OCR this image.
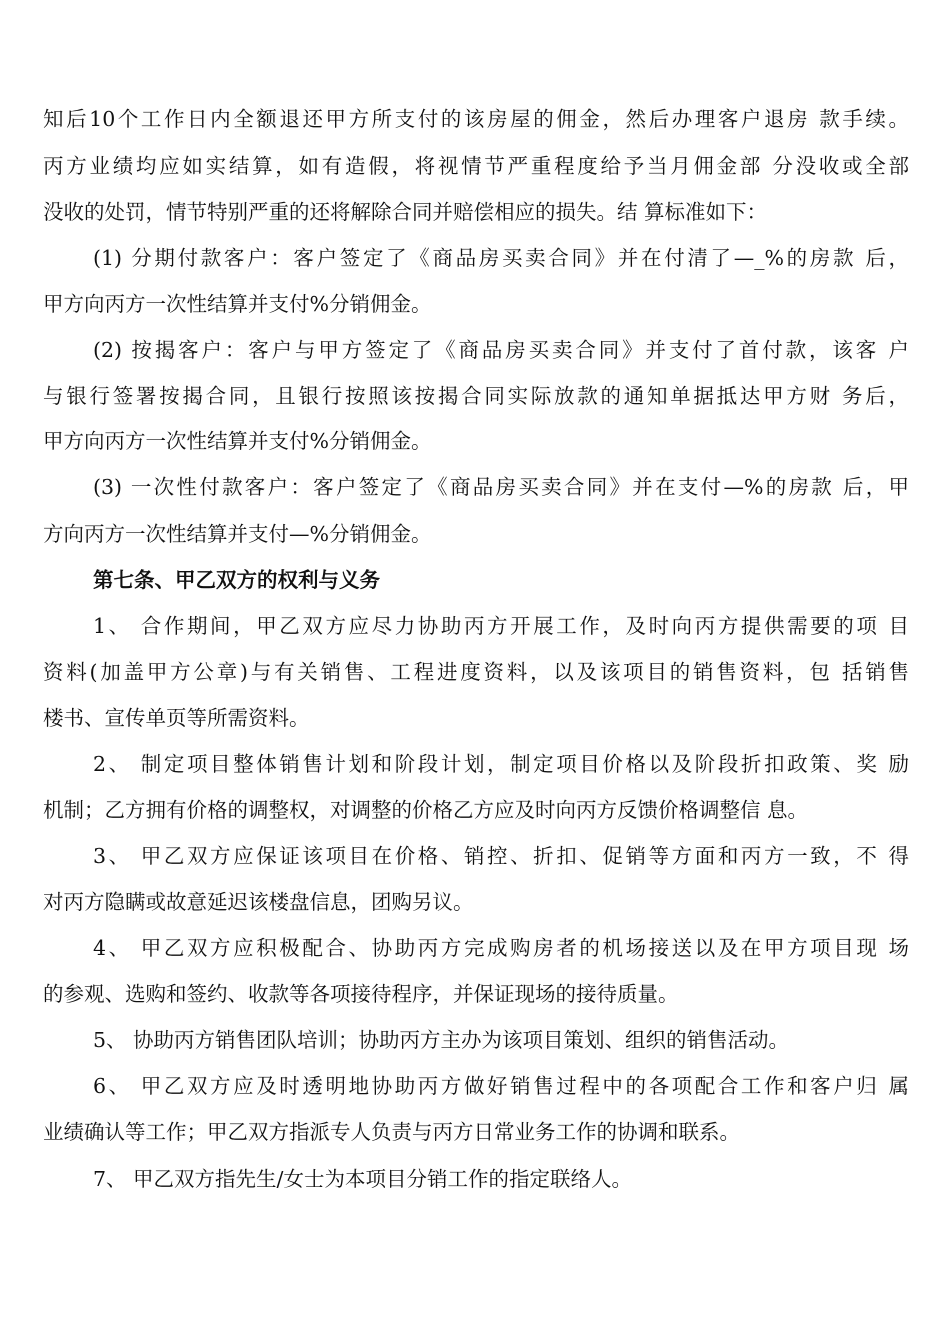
知后10个工作日内全额退还甲方所支付的该房屋的佣金，然后办理客户退房 款手续。
丙方业绩均应如实结算，如有造假，将视情节严重程度给予当月佣金部 分没收或全部
没收的处罚，情节特别严重的还将解除合同并赔偿相应的损失。结 算标准如下：
(1) 分期付款客户：客户签定了《商品房买卖合同》并在付清了—_%的房款 后，
甲方向丙方一次性结算并支付%分销佣金。
(2) 按揭客户：客户与甲方签定了《商品房买卖合同》并支付了首付款，该客 户
与银行签署按揭合同，且银行按照该按揭合同实际放款的通知单据抵达甲方财 务后，
甲方向丙方一次性结算并支付%分销佣金。
(3) 一次性付款客户：客户签定了《商品房买卖合同》并在支付—%的房款 后，甲
方向丙方一次性结算并支付—%分销佣金。
第七条、甲乙双方的权利与义务
1、 合作期间，甲乙双方应尽力协助丙方开展工作，及时向丙方提供需要的项 目
资料(加盖甲方公章)与有关销售、工程进度资料，以及该项目的销售资料，包 括销售
楼书、宣传单页等所需资料。
2、 制定项目整体销售计划和阶段计划，制定项目价格以及阶段折扣政策、奖 励
机制；乙方拥有价格的调整权，对调整的价格乙方应及时向丙方反馈价格调整信 息。
3、 甲乙双方应保证该项目在价格、销控、折扣、促销等方面和丙方一致，不 得
对丙方隐瞒或故意延迟该楼盘信息，团购另议。
4、 甲乙双方应积极配合、协助丙方完成购房者的机场接送以及在甲方项目现 场
的参观、选购和签约、收款等各项接待程序，并保证现场的接待质量。
5、 协助丙方销售团队培训；协助丙方主办为该项目策划、组织的销售活动。
6、 甲乙双方应及时透明地协助丙方做好销售过程中的各项配合工作和客户归 属
业绩确认等工作；甲乙双方指派专人负责与丙方日常业务工作的协调和联系。
7、 甲乙双方指先生/女士为本项目分销工作的指定联络人。
